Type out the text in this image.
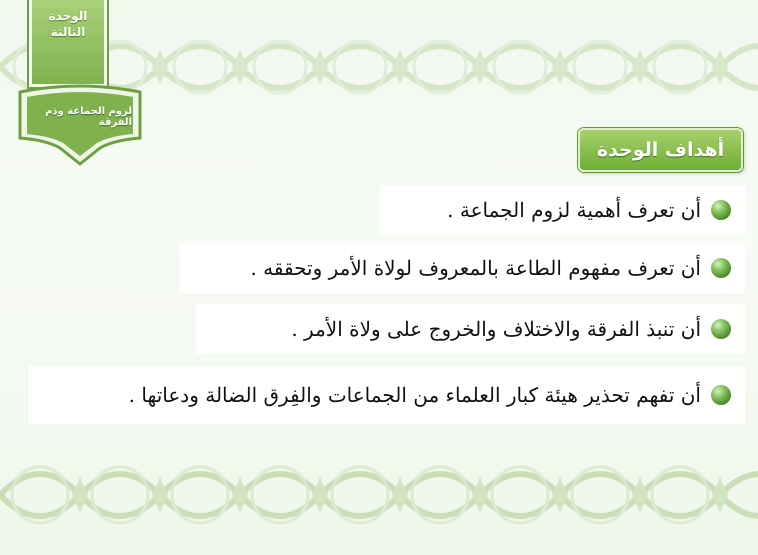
الوحدة
الثالثة
لزوم الجماعة وذم الفرقة
أهداف الوحدة
أن تعرف أهمية لزوم الجماعة .
أن تعرف مفهوم الطاعة بالمعروف لولاة الأمر وتحققه .
أن تنبذ الفرقة والاختلاف والخروج على ولاة الأمر .
أن تفهم تحذير هيئة كبار العلماء من الجماعات والفِرق الضالة ودعاتها .
